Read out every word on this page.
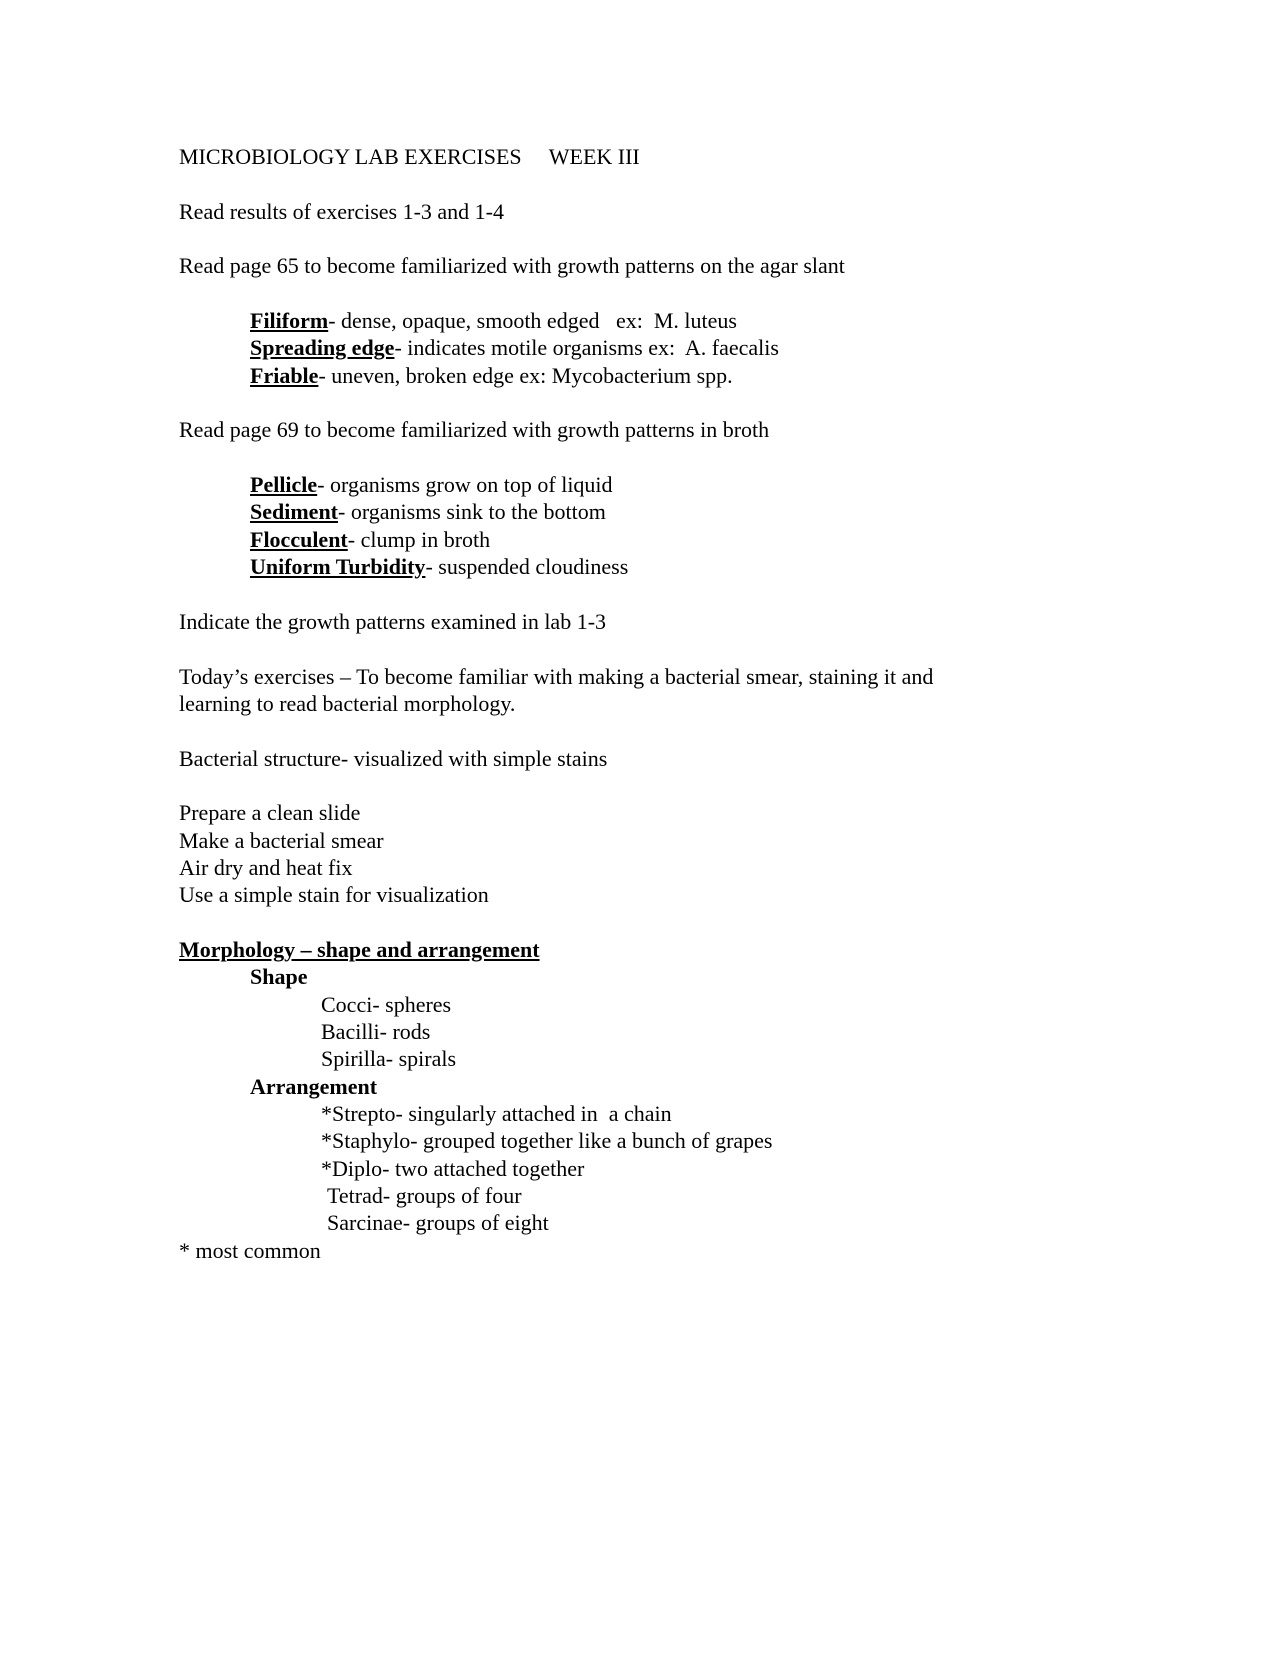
MICROBIOLOGY LAB EXERCISES     WEEK III
Read results of exercises 1-3 and 1-4
Read page 65 to become familiarized with growth patterns on the agar slant
Filiform- dense, opaque, smooth edged   ex:  M. luteus
Spreading edge- indicates motile organisms ex:  A. faecalis
Friable- uneven, broken edge ex: Mycobacterium spp.
Read page 69 to become familiarized with growth patterns in broth
Pellicle- organisms grow on top of liquid
Sediment- organisms sink to the bottom
Flocculent- clump in broth
Uniform Turbidity- suspended cloudiness
Indicate the growth patterns examined in lab 1-3
Today’s exercises – To become familiar with making a bacterial smear, staining it and
learning to read bacterial morphology.
Bacterial structure- visualized with simple stains
Prepare a clean slide
Make a bacterial smear
Air dry and heat fix
Use a simple stain for visualization
Morphology – shape and arrangement
Shape
Cocci- spheres
Bacilli- rods
Spirilla- spirals
Arrangement
*Strepto- singularly attached in  a chain
*Staphylo- grouped together like a bunch of grapes
*Diplo- two attached together
Tetrad- groups of four
Sarcinae- groups of eight
* most common
